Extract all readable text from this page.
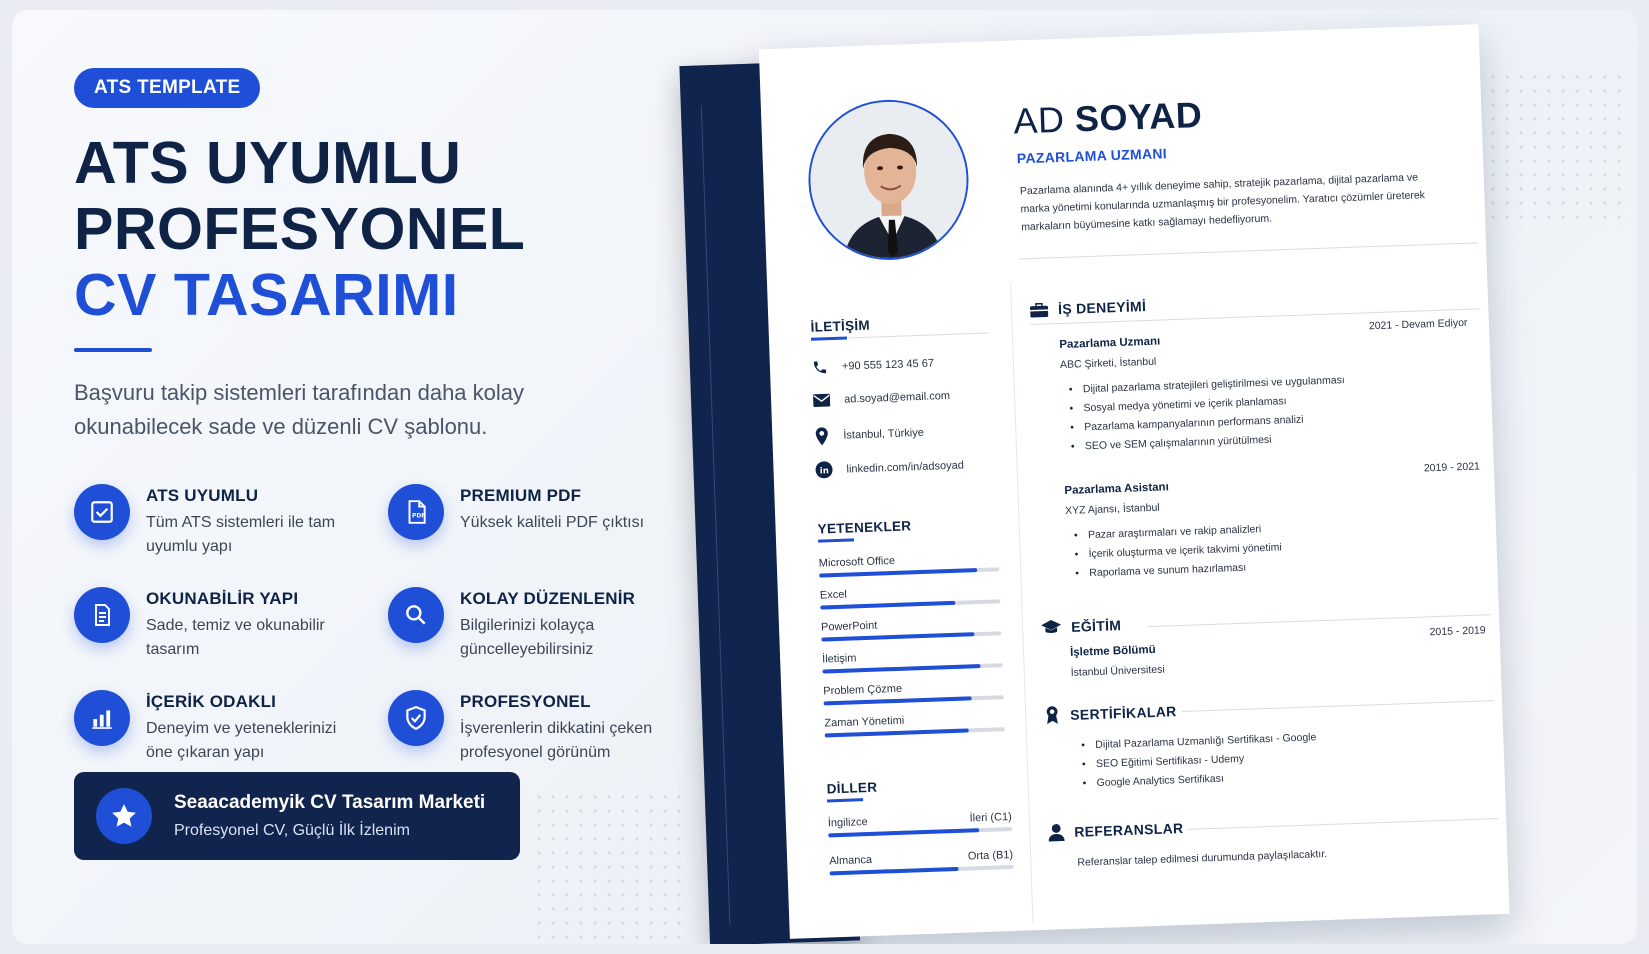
ATS TEMPLATE
ATS UYUMLU
PROFESYONEL
CV TASARIMI

Başvuru takip sistemleri tarafından daha kolay okunabilecek sade ve düzenli CV şablonu.

ATS UYUMLU
Tüm ATS sistemleri ile tam uyumlu yapı
PDF
PREMIUM PDF
Yüksek kaliteli PDF çıktısı
OKUNABİLİR YAPI
Sade, temiz ve okunabilir tasarım
KOLAY DÜZENLENİR
Bilgilerinizi kolayça güncelleyebilirsiniz
İÇERİK ODAKLI
Deneyim ve yeteneklerinizi öne çıkaran yapı
PROFESYONEL
İşverenlerin dikkatini çeken profesyonel görünüm
Seaacademyik CV Tasarım Marketi
Profesyonel CV, Güçlü İlk İzlenim
AD SOYAD
PAZARLAMA UZMANI
Pazarlama alanında 4+ yıllık deneyime sahip, stratejik pazarlama, dijital pazarlama ve marka yönetimi konularında uzmanlaşmış bir profesyonelim. Yaratıcı çözümler üreterek markaların büyümesine katkı sağlamayı hedefliyorum.
İLETİŞİM
+90 555 123 45 67
ad.soyad@email.com
İstanbul, Türkiye
in linkedin.com/in/adsoyad
YETENEKLER
Microsoft Office
Excel
PowerPoint
İletişim
Problem Çözme
Zaman Yönetimi
DİLLER
İngilizce	İleri (C1)
Almanca	Orta (B1)
İŞ DENEYİMİ
Pazarlama Uzmanı
2021 - Devam Ediyor
ABC Şirketi, İstanbul
• Dijital pazarlama stratejileri geliştirilmesi ve uygulanması
• Sosyal medya yönetimi ve içerik planlaması
• Pazarlama kampanyalarının performans analizi
• SEO ve SEM çalışmalarının yürütülmesi
Pazarlama Asistanı
2019 - 2021
XYZ Ajansı, İstanbul
• Pazar araştırmaları ve rakip analizleri
• İçerik oluşturma ve içerik takvimi yönetimi
• Raporlama ve sunum hazırlaması
EĞİTİM
İşletme Bölümü
2015 - 2019
İstanbul Üniversitesi
SERTİFİKALAR
• Dijital Pazarlama Uzmanlığı Sertifikası - Google
• SEO Eğitimi Sertifikası - Udemy
• Google Analytics Sertifikası
REFERANSLAR
Referanslar talep edilmesi durumunda paylaşılacaktır.
